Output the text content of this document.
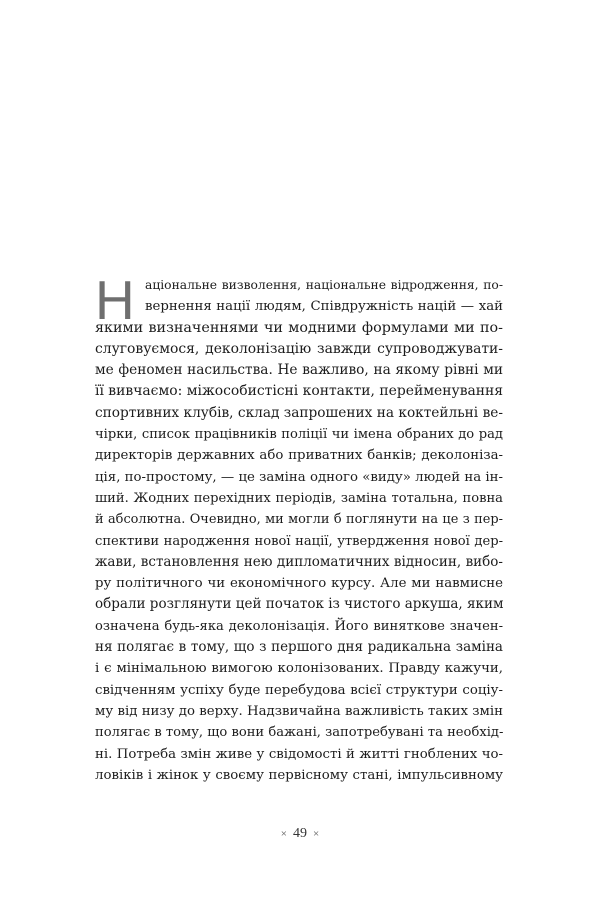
Н аціональне визволення, національне відродження, по-
вернення нації людям, Співдружність націй — хай
якими визначеннями чи модними формулами ми по-
слуговуємося, деколонізацію завжди супроводжувати-
ме феномен насильства. Не важливо, на якому рівні ми
її вивчаємо: міжособистісні контакти, перейменування
спортивних клубів, склад запрошених на коктейльні ве-
чірки, список працівників поліції чи імена обраних до рад
директорів державних або приватних банків; деколоніза-
ція, по-простому, — це заміна одного «виду» людей на ін-
ший. Жодних перехідних періодів, заміна тотальна, повна
й абсолютна. Очевидно, ми могли б поглянути на це з пер-
спективи народження нової нації, утвердження нової дер-
жави, встановлення нею дипломатичних відносин, вибо-
ру політичного чи економічного курсу. Але ми навмисне
обрали розглянути цей початок із чистого аркуша, яким
означена будь-яка деколонізація. Його винятковe значен-
ня полягає в тому, що з першого дня радикальна заміна
і є мінімальною вимогою колонізованих. Правду кажучи,
свідченням успіху буде перебудова всієї структури соціу-
му від низу до верху. Надзвичайна важливість таких змін
полягає в тому, що вони бажані, запотребувані та необхід-
ні. Потреба змін живе у свідомості й житті гноблених чо-
ловіків і жінок у своєму первісному стані, імпульсивному
× 49 ×
